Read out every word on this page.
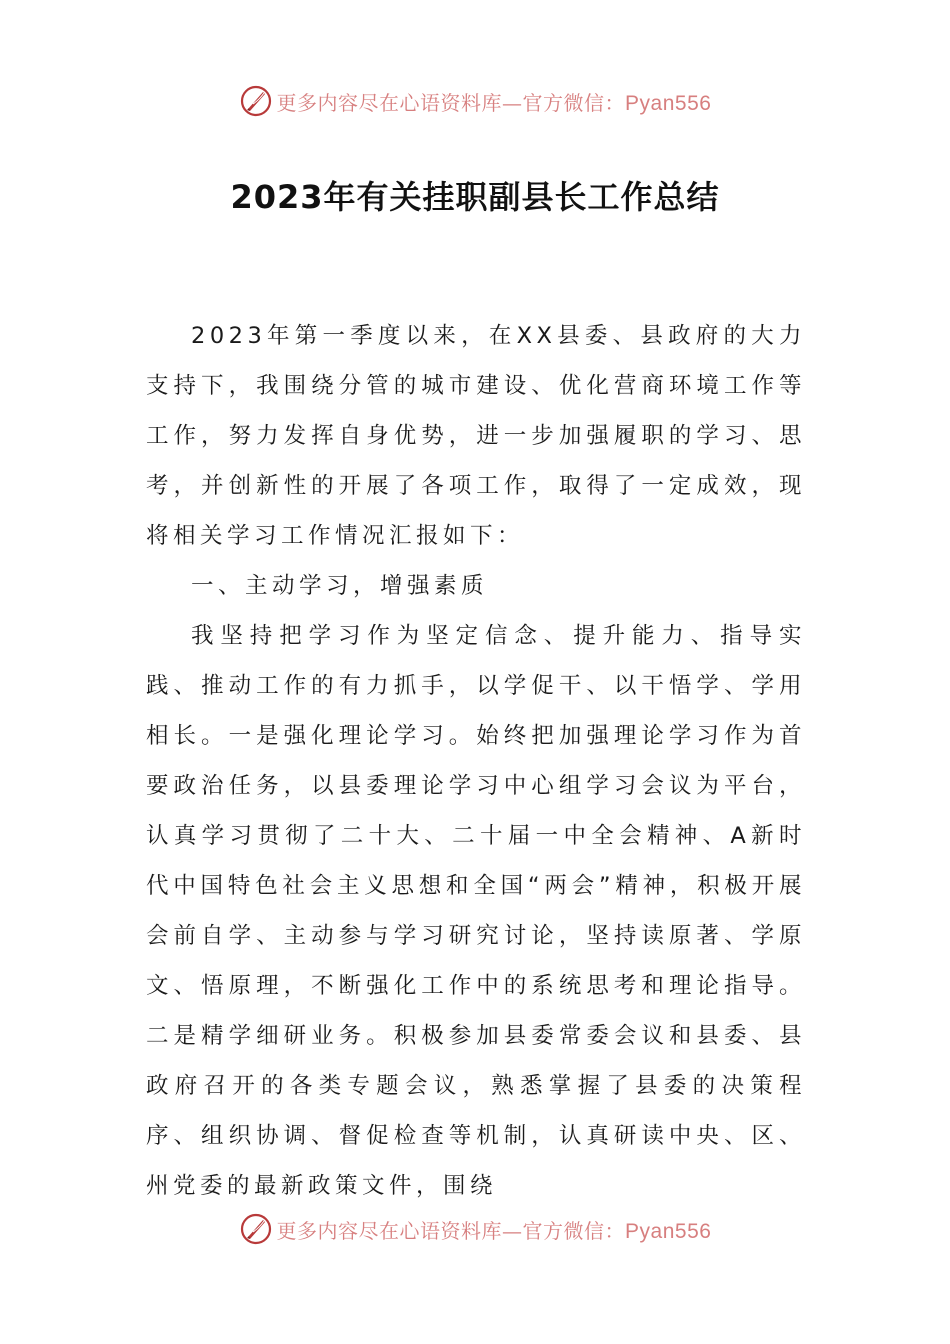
更多内容尽在心语资料库—官方微信：Pyan556
2023年有关挂职副县长工作总结

2023年第一季度以来，在XX县委、县政府的大力支持下，我围绕分管的城市建设、优化营商环境工作等工作，努力发挥自身优势，进一步加强履职的学习、思考，并创新性的开展了各项工作，取得了一定成效，现将相关学习工作情况汇报如下：

一、主动学习，增强素质

我坚持把学习作为坚定信念、提升能力、指导实践、推动工作的有力抓手，以学促干、以干悟学、学用相长。一是强化理论学习。始终把加强理论学习作为首要政治任务，以县委理论学习中心组学习会议为平台，认真学习贯彻了二十大、二十届一中全会精神、A新时代中国特色社会主义思想和全国“两会”精神，积极开展会前自学、主动参与学习研究讨论，坚持读原著、学原文、悟原理，不断强化工作中的系统思考和理论指导。二是精学细研业务。积极参加县委常委会议和县委、县政府召开的各类专题会议，熟悉掌握了县委的决策程序、组织协调、督促检查等机制，认真研读中央、区、州党委的最新政策文件，围绕

更多内容尽在心语资料库—官方微信：Pyan556
